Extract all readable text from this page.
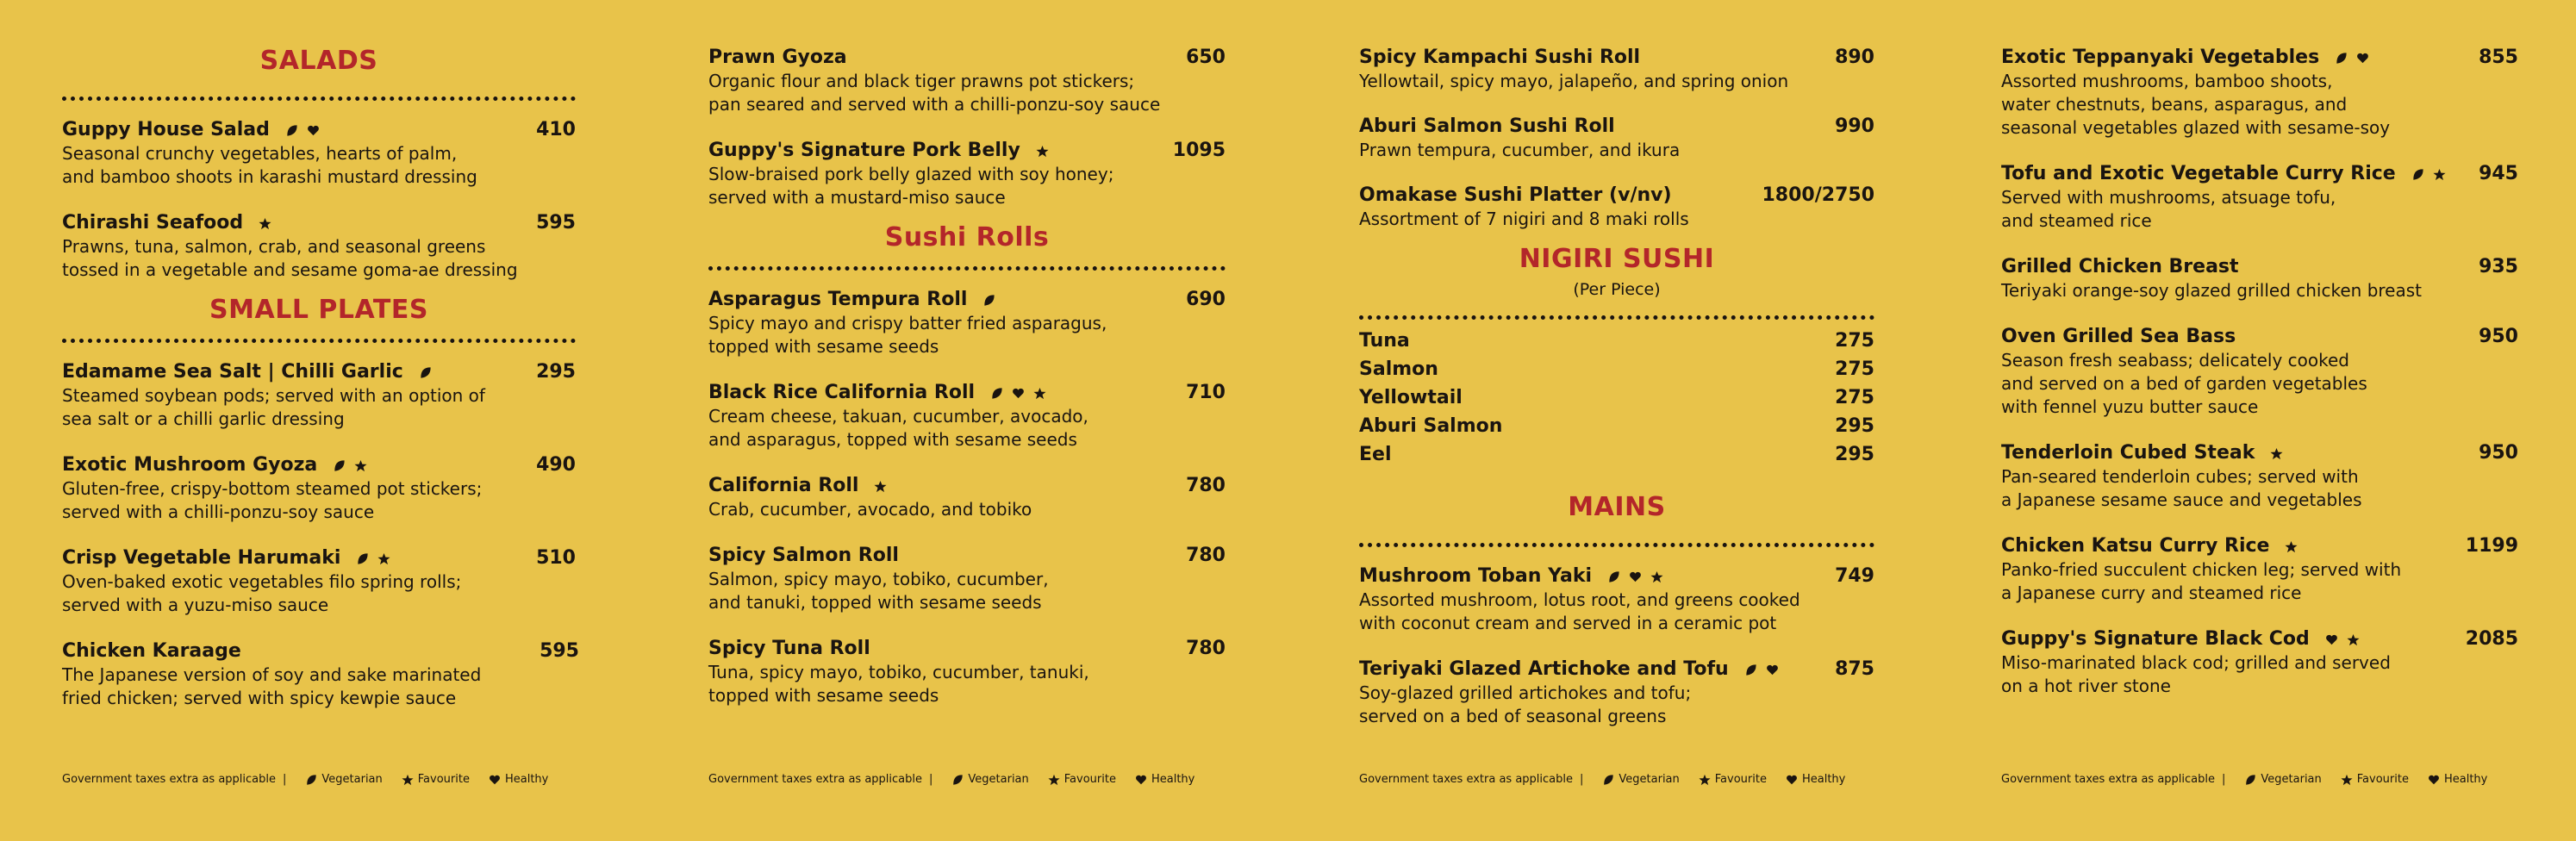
SALADS
Guppy House Salad	410
Seasonal crunchy vegetables, hearts of palm,
and bamboo shoots in karashi mustard dressing
Chirashi Seafood	595
Prawns, tuna, salmon, crab, and seasonal greens
tossed in a vegetable and sesame goma-ae dressing
SMALL PLATES
Edamame Sea Salt | Chilli Garlic	295
Steamed soybean pods; served with an option of
sea salt or a chilli garlic dressing
Exotic Mushroom Gyoza	490
Gluten-free, crispy-bottom steamed pot stickers;
served with a chilli-ponzu-soy sauce
Crisp Vegetable Harumaki	510
Oven-baked exotic vegetables filo spring rolls;
served with a yuzu-miso sauce
Chicken Karaage	595
The Japanese version of soy and sake marinated
fried chicken; served with spicy kewpie sauce
Prawn Gyoza	650
Organic flour and black tiger prawns pot stickers;
pan seared and served with a chilli-ponzu-soy sauce
Guppy's Signature Pork Belly	1095
Slow-braised pork belly glazed with soy honey;
served with a mustard-miso sauce
Sushi Rolls
Asparagus Tempura Roll	690
Spicy mayo and crispy batter fried asparagus,
topped with sesame seeds
Black Rice California Roll	710
Cream cheese, takuan, cucumber, avocado,
and asparagus, topped with sesame seeds
California Roll	780
Crab, cucumber, avocado, and tobiko
Spicy Salmon Roll	780
Salmon, spicy mayo, tobiko, cucumber,
and tanuki, topped with sesame seeds
Spicy Tuna Roll	780
Tuna, spicy mayo, tobiko, cucumber, tanuki,
topped with sesame seeds
Spicy Kampachi Sushi Roll	890
Yellowtail, spicy mayo, jalapeño, and spring onion
Aburi Salmon Sushi Roll	990
Prawn tempura, cucumber, and ikura
Omakase Sushi Platter (v/nv)	1800/2750
Assortment of 7 nigiri and 8 maki rolls
NIGIRI SUSHI
(Per Piece)
Tuna	275
Salmon	275
Yellowtail	275
Aburi Salmon	295
Eel	295
MAINS
Mushroom Toban Yaki	749
Assorted mushroom, lotus root, and greens cooked
with coconut cream and served in a ceramic pot
Teriyaki Glazed Artichoke and Tofu	875
Soy-glazed grilled artichokes and tofu;
served on a bed of seasonal greens
Exotic Teppanyaki Vegetables	855
Assorted mushrooms, bamboo shoots,
water chestnuts, beans, asparagus, and
seasonal vegetables glazed with sesame-soy
Tofu and Exotic Vegetable Curry Rice	945
Served with mushrooms, atsuage tofu,
and steamed rice
Grilled Chicken Breast	935
Teriyaki orange-soy glazed grilled chicken breast
Oven Grilled Sea Bass	950
Season fresh seabass; delicately cooked
and served on a bed of garden vegetables
with fennel yuzu butter sauce
Tenderloin Cubed Steak	950
Pan-seared tenderloin cubes; served with
a Japanese sesame sauce and vegetables
Chicken Katsu Curry Rice	1199
Panko-fried succulent chicken leg; served with
a Japanese curry and steamed rice
Guppy's Signature Black Cod	2085
Miso-marinated black cod; grilled and served
on a hot river stone
Government taxes extra as applicable |	Vegetarian	Favourite	Healthy	Government taxes extra as applicable |	Vegetarian	Favourite	Healthy	Government taxes extra as applicable |	Vegetarian	Favourite	Healthy	Government taxes extra as applicable |	Vegetarian	Favourite	Healthy
